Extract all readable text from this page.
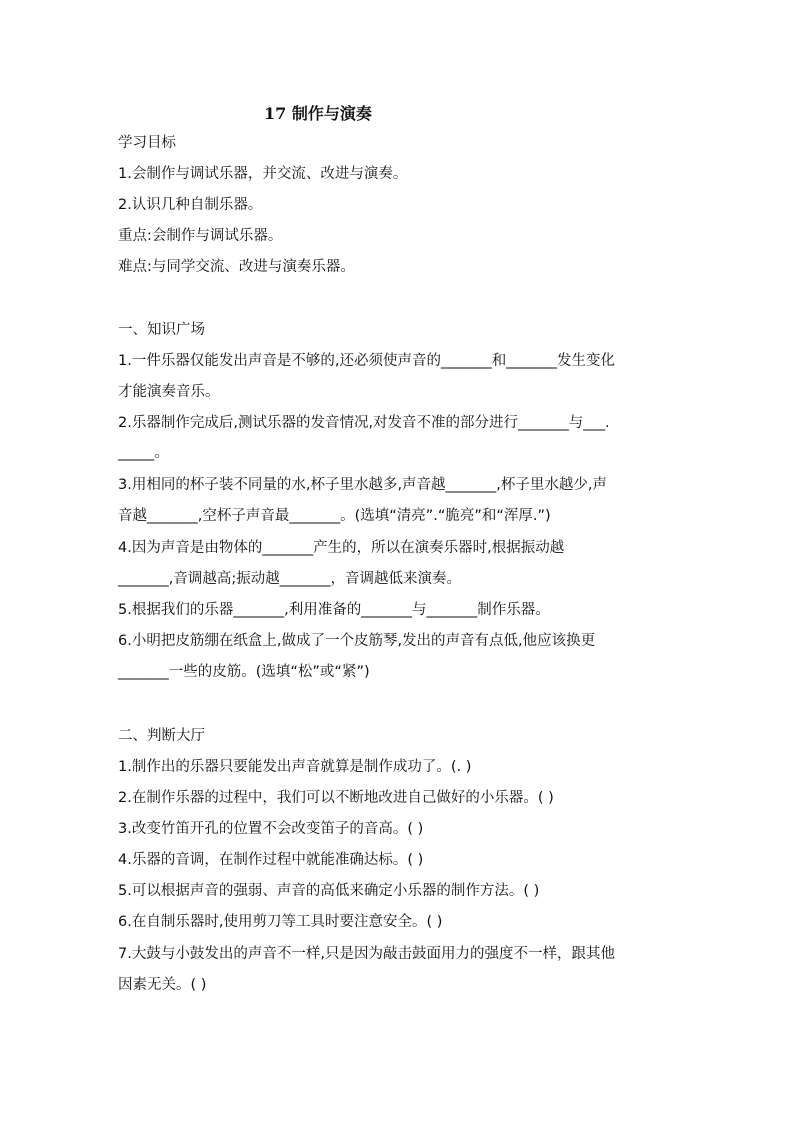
17 制作与演奏
学习目标
1.会制作与调试乐器，并交流、改进与演奏。
2.认识几种自制乐器。
重点:会制作与调试乐器。
难点:与同学交流、改进与演奏乐器。
一、知识广场
1.一件乐器仅能发出声音是不够的,还必须使声音的_______和_______发生变化
才能演奏音乐。
2.乐器制作完成后,测试乐器的发音情况,对发音不准的部分进行_______与___.
_____。
3.用相同的杯子装不同量的水,杯子里水越多,声音越_______,杯子里水越少,声
音越_______,空杯子声音最_______。(选填“清亮”.“脆亮”和“浑厚.”)
4.因为声音是由物体的_______产生的，所以在演奏乐器时,根据振动越
_______,音调越高;振动越_______，音调越低来演奏。
5.根据我们的乐器_______,利用准备的_______与_______制作乐器。
6.小明把皮筋绷在纸盒上,做成了一个皮筋琴,发出的声音有点低,他应该换更
_______一些的皮筋。(选填“松”或“紧”)
二、判断大厅
1.制作出的乐器只要能发出声音就算是制作成功了。(. )
2.在制作乐器的过程中，我们可以不断地改进自己做好的小乐器。( )
3.改变竹笛开孔的位置不会改变笛子的音高。( )
4.乐器的音调，在制作过程中就能准确达标。( )
5.可以根据声音的强弱、声音的高低来确定小乐器的制作方法。( )
6.在自制乐器时,使用剪刀等工具时要注意安全。( )
7.大鼓与小鼓发出的声音不一样,只是因为敲击鼓面用力的强度不一样，跟其他
因素无关。( )
